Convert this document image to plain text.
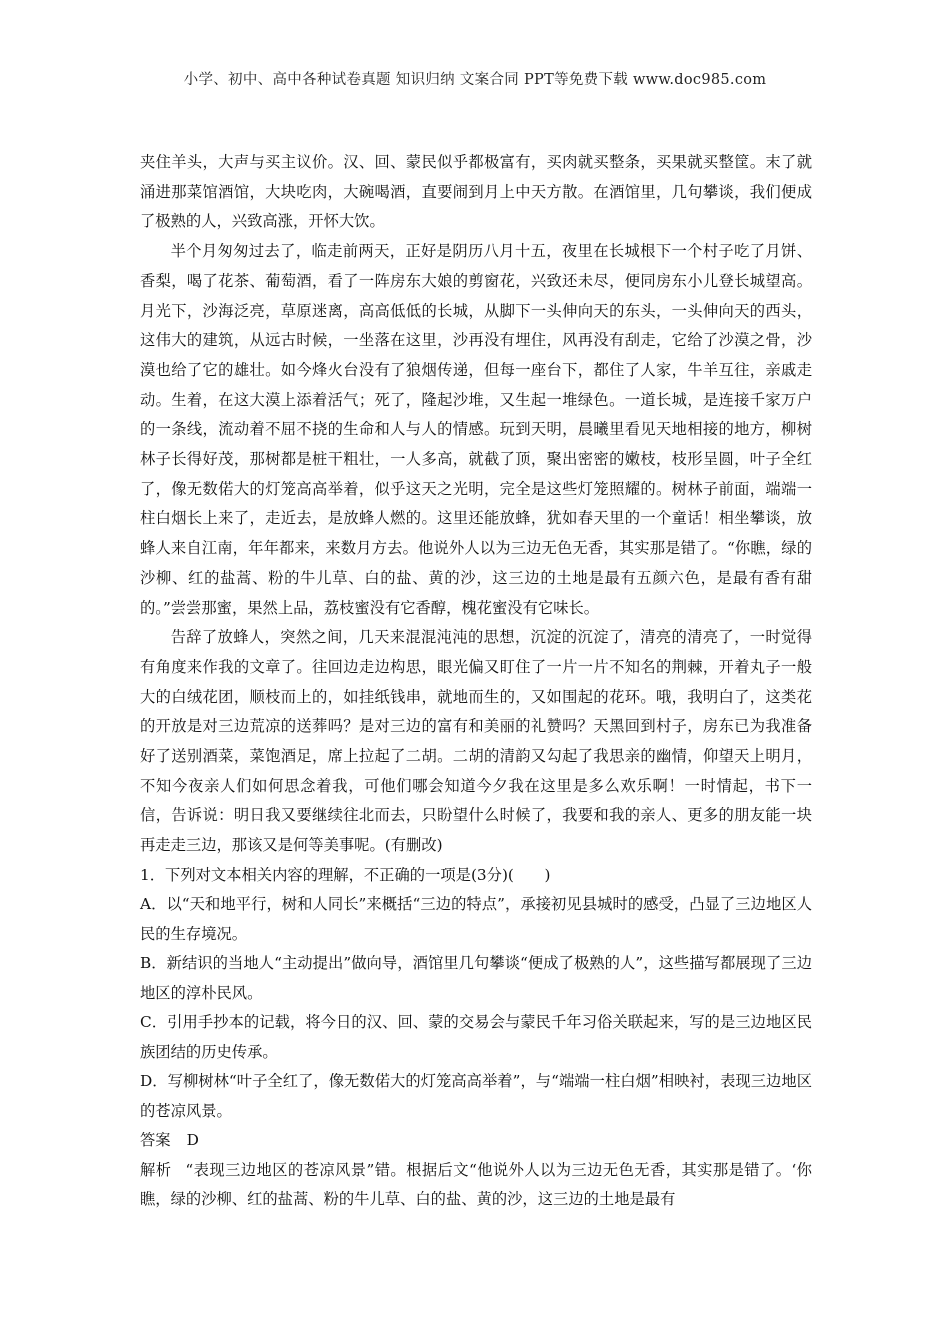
小学、初中、高中各种试卷真题 知识归纳 文案合同 PPT等免费下载 www.doc985.com

夹住羊头，大声与买主议价。汉、回、蒙民似乎都极富有，买肉就买整条，买果就买整筐。末了就涌进那菜馆酒馆，大块吃肉，大碗喝酒，直要闹到月上中天方散。在酒馆里，几句攀谈，我们便成了极熟的人，兴致高涨，开怀大饮。

半个月匆匆过去了，临走前两天，正好是阴历八月十五，夜里在长城根下一个村子吃了月饼、香梨，喝了花茶、葡萄酒，看了一阵房东大娘的剪窗花，兴致还未尽，便同房东小儿登长城望高。月光下，沙海泛亮，草原迷离，高高低低的长城，从脚下一头伸向天的东头，一头伸向天的西头，这伟大的建筑，从远古时候，一坐落在这里，沙再没有埋住，风再没有刮走，它给了沙漠之骨，沙漠也给了它的雄壮。如今烽火台没有了狼烟传递，但每一座台下，都住了人家，牛羊互往，亲戚走动。生着，在这大漠上添着活气；死了，隆起沙堆，又生起一堆绿色。一道长城，是连接千家万户的一条线，流动着不屈不挠的生命和人与人的情感。玩到天明，晨曦里看见天地相接的地方，柳树林子长得好茂，那树都是桩干粗壮，一人多高，就截了顶，聚出密密的嫩枝，枝形呈圆，叶子全红了，像无数偌大的灯笼高高举着，似乎这天之光明，完全是这些灯笼照耀的。树林子前面，端端一柱白烟长上来了，走近去，是放蜂人燃的。这里还能放蜂，犹如春天里的一个童话！相坐攀谈，放蜂人来自江南，年年都来，来数月方去。他说外人以为三边无色无香，其实那是错了。“你瞧，绿的沙柳、红的盐蒿、粉的牛儿草、白的盐、黄的沙，这三边的土地是最有五颜六色，是最有香有甜的。”尝尝那蜜，果然上品，荔枝蜜没有它香醇，槐花蜜没有它味长。

告辞了放蜂人，突然之间，几天来混混沌沌的思想，沉淀的沉淀了，清亮的清亮了，一时觉得有角度来作我的文章了。往回边走边构思，眼光偏又盯住了一片一片不知名的荆棘，开着丸子一般大的白绒花团，顺枝而上的，如挂纸钱串，就地而生的，又如围起的花环。哦，我明白了，这类花的开放是对三边荒凉的送葬吗？是对三边的富有和美丽的礼赞吗？天黑回到村子，房东已为我准备好了送别酒菜，菜饱酒足，席上拉起了二胡。二胡的清韵又勾起了我思亲的幽情，仰望天上明月，不知今夜亲人们如何思念着我，可他们哪会知道今夕我在这里是多么欢乐啊！一时情起，书下一信，告诉说：明日我又要继续往北而去，只盼望什么时候了，我要和我的亲人、更多的朋友能一块再走走三边，那该又是何等美事呢。(有删改)

1．下列对文本相关内容的理解，不正确的一项是(3分)(　　)

A．以“天和地平行，树和人同长”来概括“三边的特点”，承接初见县城时的感受，凸显了三边地区人民的生存境况。

B．新结识的当地人“主动提出”做向导，酒馆里几句攀谈“便成了极熟的人”，这些描写都展现了三边地区的淳朴民风。

C．引用手抄本的记载，将今日的汉、回、蒙的交易会与蒙民千年习俗关联起来，写的是三边地区民族团结的历史传承。

D．写柳树林“叶子全红了，像无数偌大的灯笼高高举着”，与“端端一柱白烟”相映衬，表现三边地区的苍凉风景。

答案 D

解析 “表现三边地区的苍凉风景”错。根据后文“他说外人以为三边无色无香，其实那是错了。‘你瞧，绿的沙柳、红的盐蒿、粉的牛儿草、白的盐、黄的沙，这三边的土地是最有
